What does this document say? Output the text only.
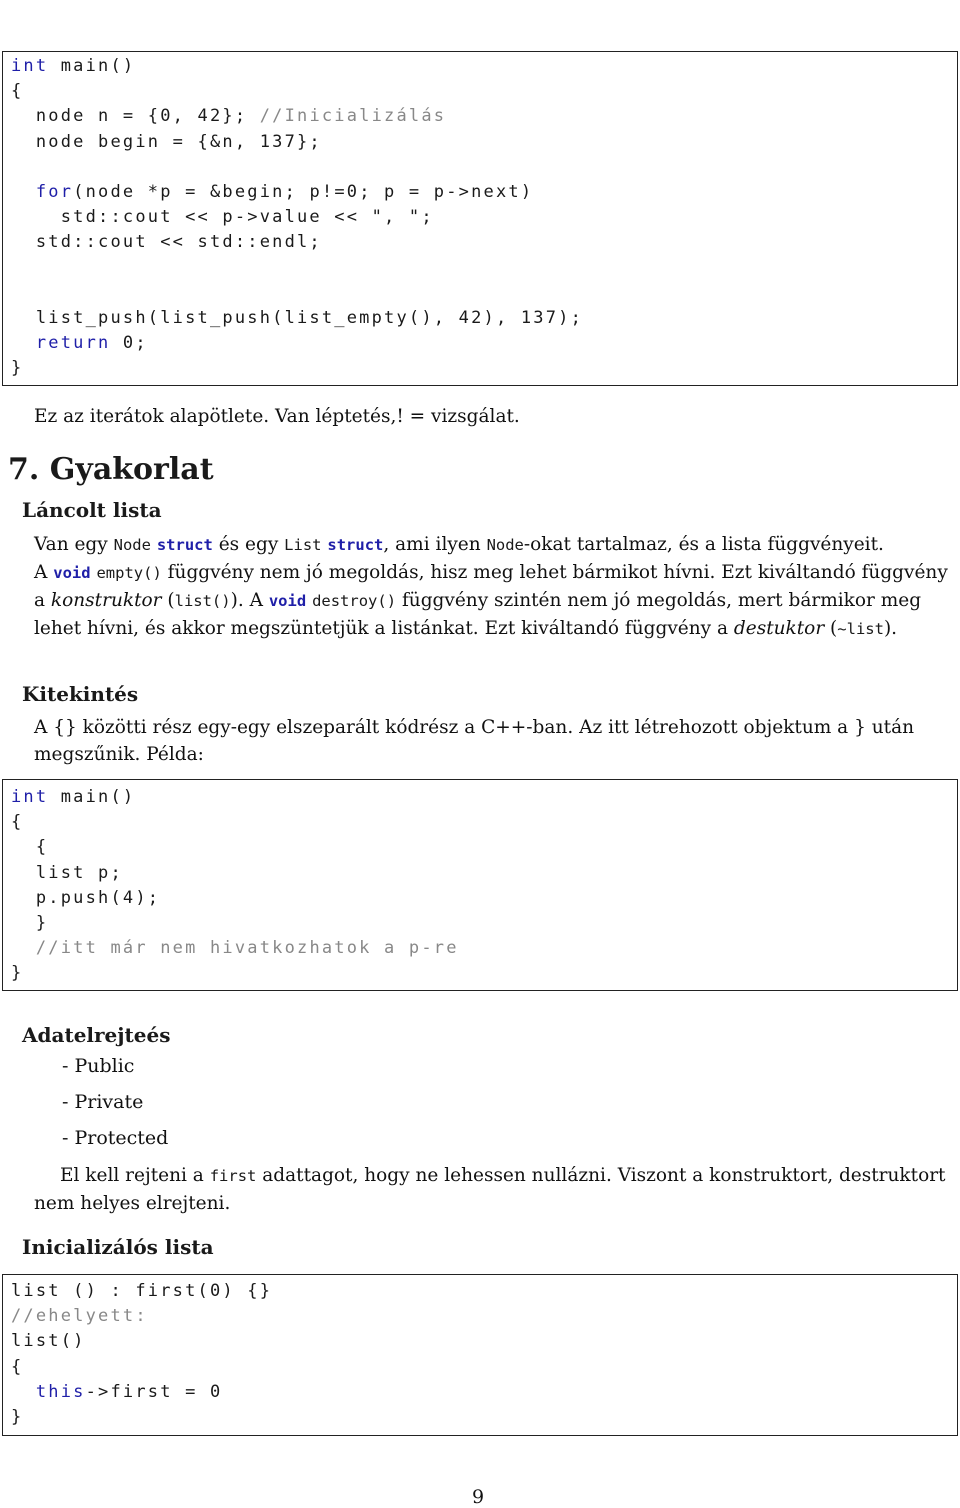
int main()
{
node n = {0, 42}; //Inicializálás
node begin = {&n, 137};
for(node *p = &begin; p!=0; p = p->next)
std::cout << p->value << ", ";
std::cout << std::endl;
list_push(list_push(list_empty(), 42), 137);
return 0;
}
Ez az iterátok alapötlete. Van léptetés,! = vizsgálat.
7. Gyakorlat
Láncolt lista
Van egy Node struct és egy List struct, ami ilyen Node-okat tartalmaz, és a lista függvényeit.
A void empty() függvény nem jó megoldás, hisz meg lehet bármikot hívni. Ezt kiváltandó függvény
a konstruktor (list()). A void destroy() függvény szintén nem jó megoldás, mert bármikor meg
lehet hívni, és akkor megszüntetjük a listánkat. Ezt kiváltandó függvény a destuktor (~list).
Kitekintés
A {} közötti rész egy-egy elszeparált kódrész a C++-ban. Az itt létrehozott objektum a } után
megszűnik. Példa:
int main()
{
{
list p;
p.push(4);
}
//itt már nem hivatkozhatok a p-re
}
Adatelrejteés
- Public
- Private
- Protected
El kell rejteni a first adattagot, hogy ne lehessen nullázni. Viszont a konstruktort, destruktort
nem helyes elrejteni.
Inicializálós lista
list () : first(0) {}
//ehelyett:
list()
{
this->first = 0
}
9
